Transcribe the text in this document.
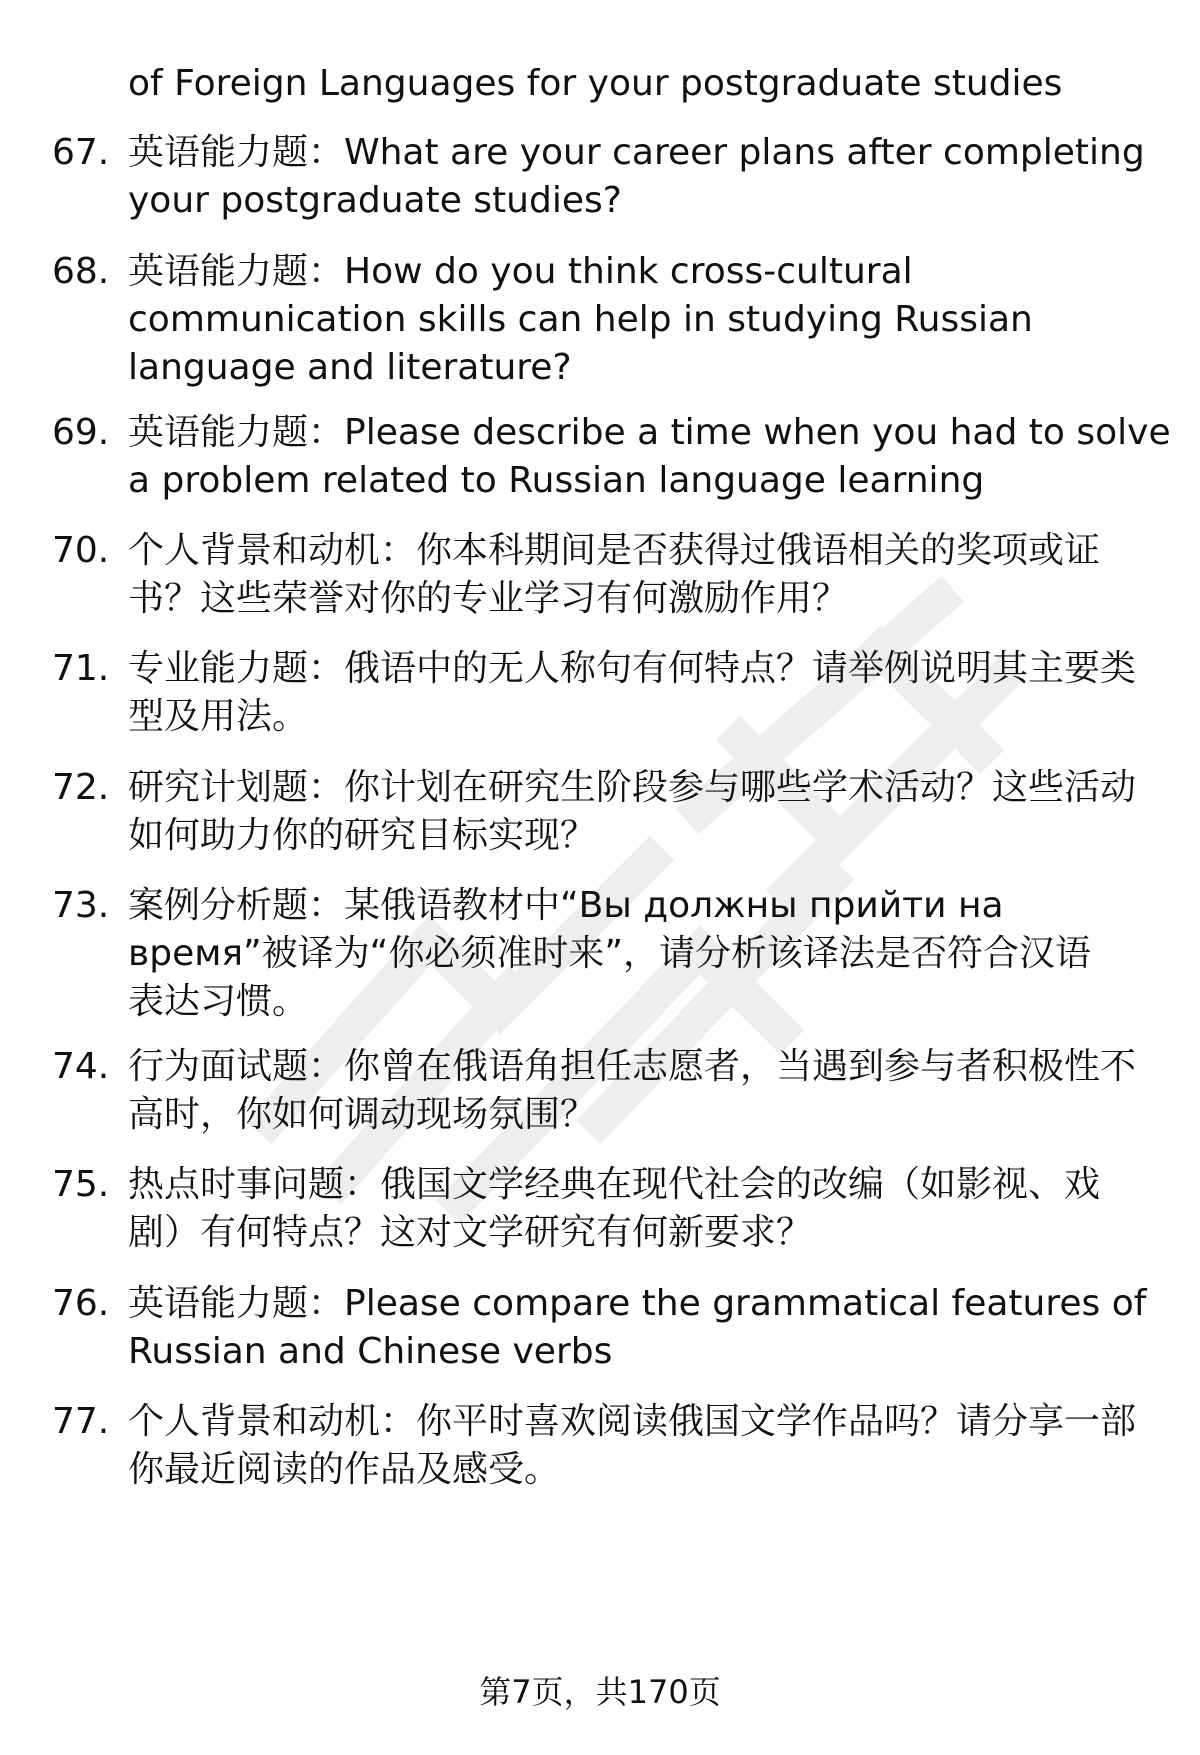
of Foreign Languages for your postgraduate studies
67. 英语能力题：What are your career plans after completing
your postgraduate studies?
68. 英语能力题：How do you think cross-cultural
communication skills can help in studying Russian
language and literature?
69. 英语能力题：Please describe a time when you had to solve
a problem related to Russian language learning
70. 个人背景和动机：你本科期间是否获得过俄语相关的奖项或证
书？这些荣誉对你的专业学习有何激励作用？
71. 专业能力题：俄语中的无人称句有何特点？请举例说明其主要类
型及用法。
72. 研究计划题：你计划在研究生阶段参与哪些学术活动？这些活动
如何助力你的研究目标实现？
73. 案例分析题：某俄语教材中“Вы должны прийти на
время”被译为“你必须准时来”，请分析该译法是否符合汉语
表达习惯。
74. 行为面试题：你曾在俄语角担任志愿者，当遇到参与者积极性不
高时，你如何调动现场氛围？
75. 热点时事问题：俄国文学经典在现代社会的改编（如影视、戏
剧）有何特点？这对文学研究有何新要求？
76. 英语能力题：Please compare the grammatical features of
Russian and Chinese verbs
77. 个人背景和动机：你平时喜欢阅读俄国文学作品吗？请分享一部
你最近阅读的作品及感受。
第7页，共170页
